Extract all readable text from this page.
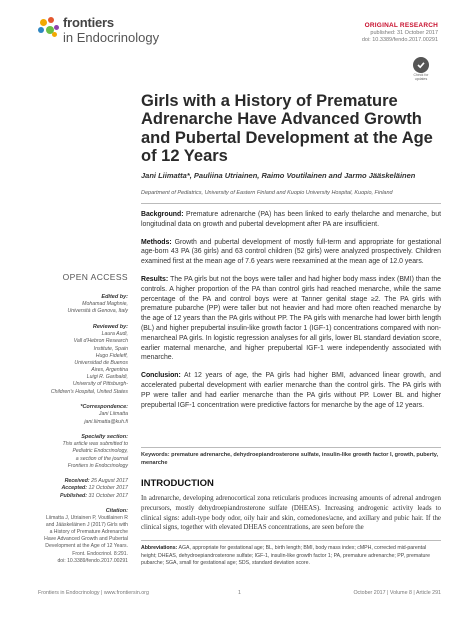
frontiers
in Endocrinology
ORIGINAL RESEARCH
published: 31 October 2017
doi: 10.3389/fendo.2017.00291
Check for updates
Girls with a History of Premature Adrenarche Have Advanced Growth and Pubertal Development at the Age of 12 Years
Jani Liimatta*, Pauliina Utriainen, Raimo Voutilainen and Jarmo Jääskeläinen
Department of Pediatrics, University of Eastern Finland and Kuopio University Hospital, Kuopio, Finland

Background: Premature adrenarche (PA) has been linked to early thelarche and menarche, but longitudinal data on growth and pubertal development after PA are insufficient.

Methods: Growth and pubertal development of mostly full-term and appropriate for gestational age-born 43 PA (36 girls) and 63 control children (52 girls) were analyzed prospectively. Children examined first at the mean age of 7.6 years were reexamined at the mean age of 12.0 years.

Results: The PA girls but not the boys were taller and had higher body mass index (BMI) than the controls. A higher proportion of the PA than control girls had reached menarche, while the same percentage of the PA and control boys were at Tanner genital stage ≥2. The PA girls with premature pubarche (PP) were taller but not heavier and had more often reached menarche by the age of 12 years than the PA girls without PP. The PA girls with menarche had lower birth length (BL) and higher prepubertal insulin-like growth factor 1 (IGF-1) concentrations compared with non-menarcheal PA girls. In logistic regression analyses for all girls, lower BL standard deviation score, earlier maternal menarche, and higher prepubertal IGF-1 were independently associated with menarche.

Conclusion: At 12 years of age, the PA girls had higher BMI, advanced linear growth, and accelerated pubertal development with earlier menarche than the control girls. The PA girls with PP were taller and had earlier menarche than the PA girls without PP. Lower BL and higher prepubertal IGF-1 concentration were predictive factors for menarche by the age of 12 years.

Keywords: premature adrenarche, dehydroepiandrosterone sulfate, insulin-like growth factor I, growth, puberty, menarche
INTRODUCTION

In adrenarche, developing adrenocortical zona reticularis produces increasing amounts of adrenal androgen precursors, mostly dehydroepiandrosterone sulfate (DHEAS). Increasing androgenic activity leads to clinical signs: adult-type body odor, oily hair and skin, comedones/acne, and axillary and pubic hair. If the clinical signs, together with elevated DHEAS concentrations, are seen before the

Abbreviations: AGA, appropriate for gestational age; BL, birth length; BMI, body mass index; cMPH, corrected mid-parental height; DHEAS, dehydroepiandrosterone sulfate; IGF-1, insulin-like growth factor 1; PA, premature adrenarche; PP, premature pubarche; SGA, small for gestational age; SDS, standard deviation score.

OPEN ACCESS
Edited by:
Mohamad Maghnie,
Università di Genova, Italy
Reviewed by:
Laura Audi,
Vall d'Hebron Research
Institute, Spain
Hugo Fideleff,
Universidad de Buenos
Aires, Argentina
Luigi R. Garibaldi,
University of Pittsburgh-
Children's Hospital, United States
*Correspondence:
Jani Liimatta
jani.liimatta@kuh.fi
Specialty section:
This article was submitted to
Pediatric Endocrinology,
a section of the journal
Frontiers in Endocrinology
Received: 25 August 2017
Accepted: 12 October 2017
Published: 31 October 2017
Citation:
Liimatta J, Utriainen P, Voutilainen R
and Jääskeläinen J (2017) Girls with
a History of Premature Adrenarche
Have Advanced Growth and Pubertal
Development at the Age of 12 Years.
Front. Endocrinol. 8:291.
doi: 10.3389/fendo.2017.00291
Frontiers in Endocrinology | www.frontiersin.org	1	October 2017 | Volume 8 | Article 291
